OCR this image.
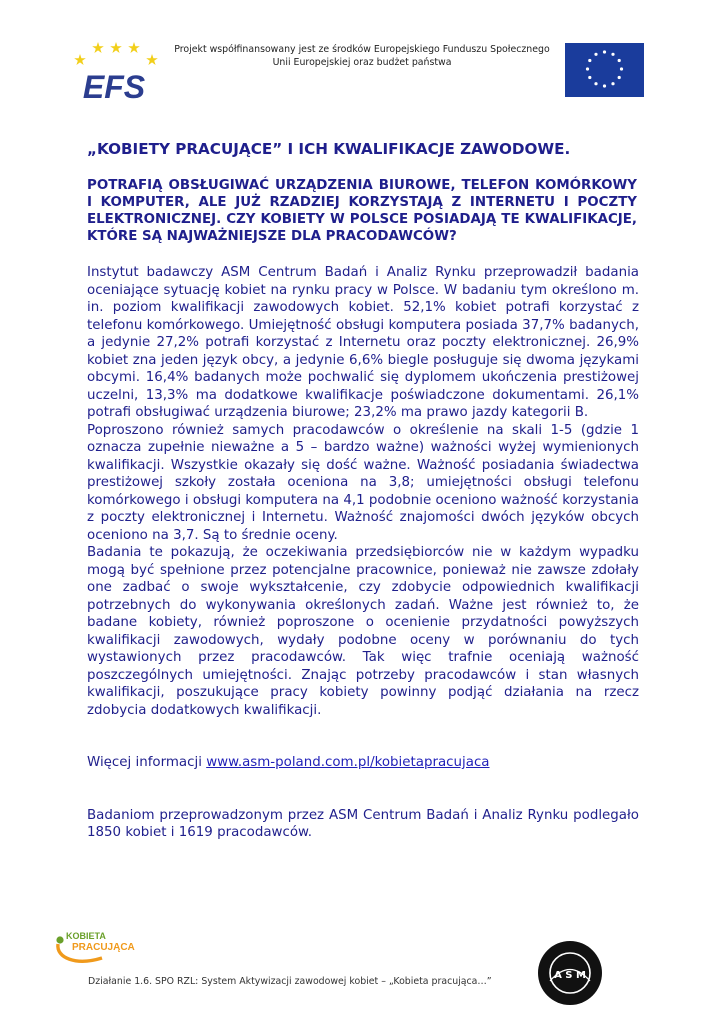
EFS
Projekt współfinansowany jest ze środków Europejskiego Funduszu Społecznego
Unii Europejskiej oraz budżet państwa
„KOBIETY PRACUJĄCE” I ICH KWALIFIKACJE ZAWODOWE.
POTRAFIĄ OBSŁUGIWAĆ URZĄDZENIA BIUROWE, TELEFON KOMÓRKOWY I KOMPUTER, ALE JUŻ RZADZIEJ KORZYSTAJĄ Z INTERNETU I POCZTY ELEKTRONICZNEJ. CZY KOBIETY W POLSCE POSIADAJĄ TE KWALIFIKACJE, KTÓRE SĄ NAJWAŻNIEJSZE DLA PRACODAWCÓW?

Instytut badawczy ASM Centrum Badań i Analiz Rynku przeprowadził badania oceniające sytuację kobiet na rynku pracy w Polsce. W badaniu tym określono m. in. poziom kwalifikacji zawodowych kobiet. 52,1% kobiet potrafi korzystać z telefonu komórkowego. Umiejętność obsługi komputera posiada 37,7% badanych, a jedynie 27,2% potrafi korzystać z Internetu oraz poczty elektronicznej. 26,9% kobiet zna jeden język obcy, a jedynie 6,6% biegle posługuje się dwoma językami obcymi. 16,4% badanych może pochwalić się dyplomem ukończenia prestiżowej uczelni, 13,3% ma dodatkowe kwalifikacje poświadczone dokumentami. 26,1% potrafi obsługiwać urządzenia biurowe; 23,2% ma prawo jazdy kategorii B.

Poproszono również samych pracodawców o określenie na skali 1-5 (gdzie 1 oznacza zupełnie nieważne a 5 – bardzo ważne) ważności wyżej wymienionych kwalifikacji. Wszystkie okazały się dość ważne. Ważność posiadania świadectwa prestiżowej szkoły została oceniona na 3,8; umiejętności obsługi telefonu komórkowego i obsługi komputera na 4,1 podobnie oceniono ważność korzystania z poczty elektronicznej i Internetu. Ważność znajomości dwóch języków obcych oceniono na 3,7. Są to średnie oceny.

Badania te pokazują, że oczekiwania przedsiębiorców nie w każdym wypadku mogą być spełnione przez potencjalne pracownice, ponieważ nie zawsze zdołały one zadbać o swoje wykształcenie, czy zdobycie odpowiednich kwalifikacji potrzebnych do wykonywania określonych zadań. Ważne jest również to, że badane kobiety, również poproszone o ocenienie przydatności powyższych kwalifikacji zawodowych, wydały podobne oceny w porównaniu do tych wystawionych przez pracodawców. Tak więc trafnie oceniają ważność poszczególnych umiejętności. Znając potrzeby pracodawców i stan własnych kwalifikacji, poszukujące pracy kobiety powinny podjąć działania na rzecz zdobycia dodatkowych kwalifikacji.

Więcej informacji www.asm-poland.com.pl/kobietapracujaca

Badaniom przeprowadzonym przez ASM Centrum Badań i Analiz Rynku podlegało 1850 kobiet i 1619 pracodawców.

KOBIETA
PRACUJĄCA
A S M
Działanie 1.6. SPO RZL: System Aktywizacji zawodowej kobiet – „Kobieta pracująca…”
